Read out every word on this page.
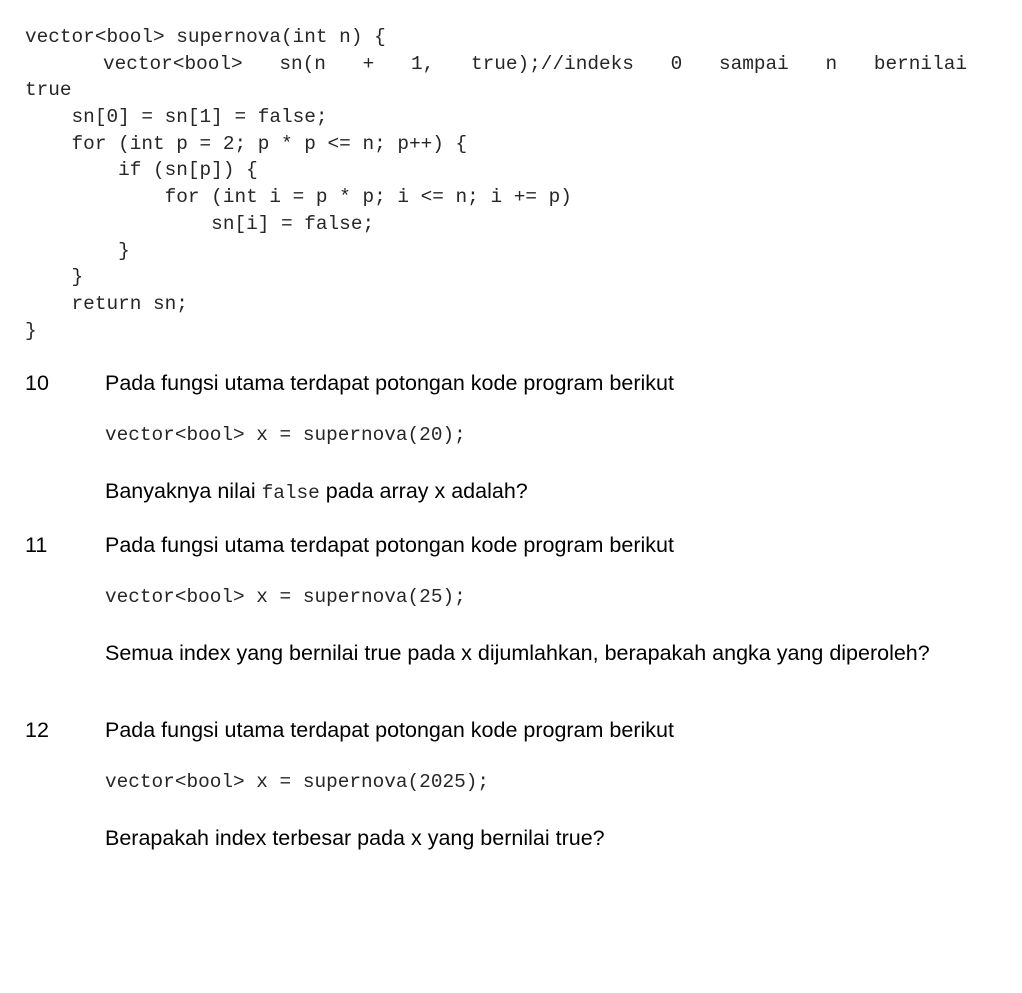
vector<bool> supernova(int n) {
vector<bool> sn(n + 1, true);//indeks 0 sampai n bernilai
true
sn[0] = sn[1] = false;
for (int p = 2; p * p <= n; p++) {
if (sn[p]) {
for (int i = p * p; i <= n; i += p)
sn[i] = false;
}
}
return sn;
}
10	Pada fungsi utama terdapat potongan kode program berikut
vector<bool> x = supernova(20);
Banyaknya nilai false pada array x adalah?
11	Pada fungsi utama terdapat potongan kode program berikut
vector<bool> x = supernova(25);
Semua index yang bernilai true pada x dijumlahkan, berapakah angka yang diperoleh?
12	Pada fungsi utama terdapat potongan kode program berikut
vector<bool> x = supernova(2025);
Berapakah index terbesar pada x yang bernilai true?
